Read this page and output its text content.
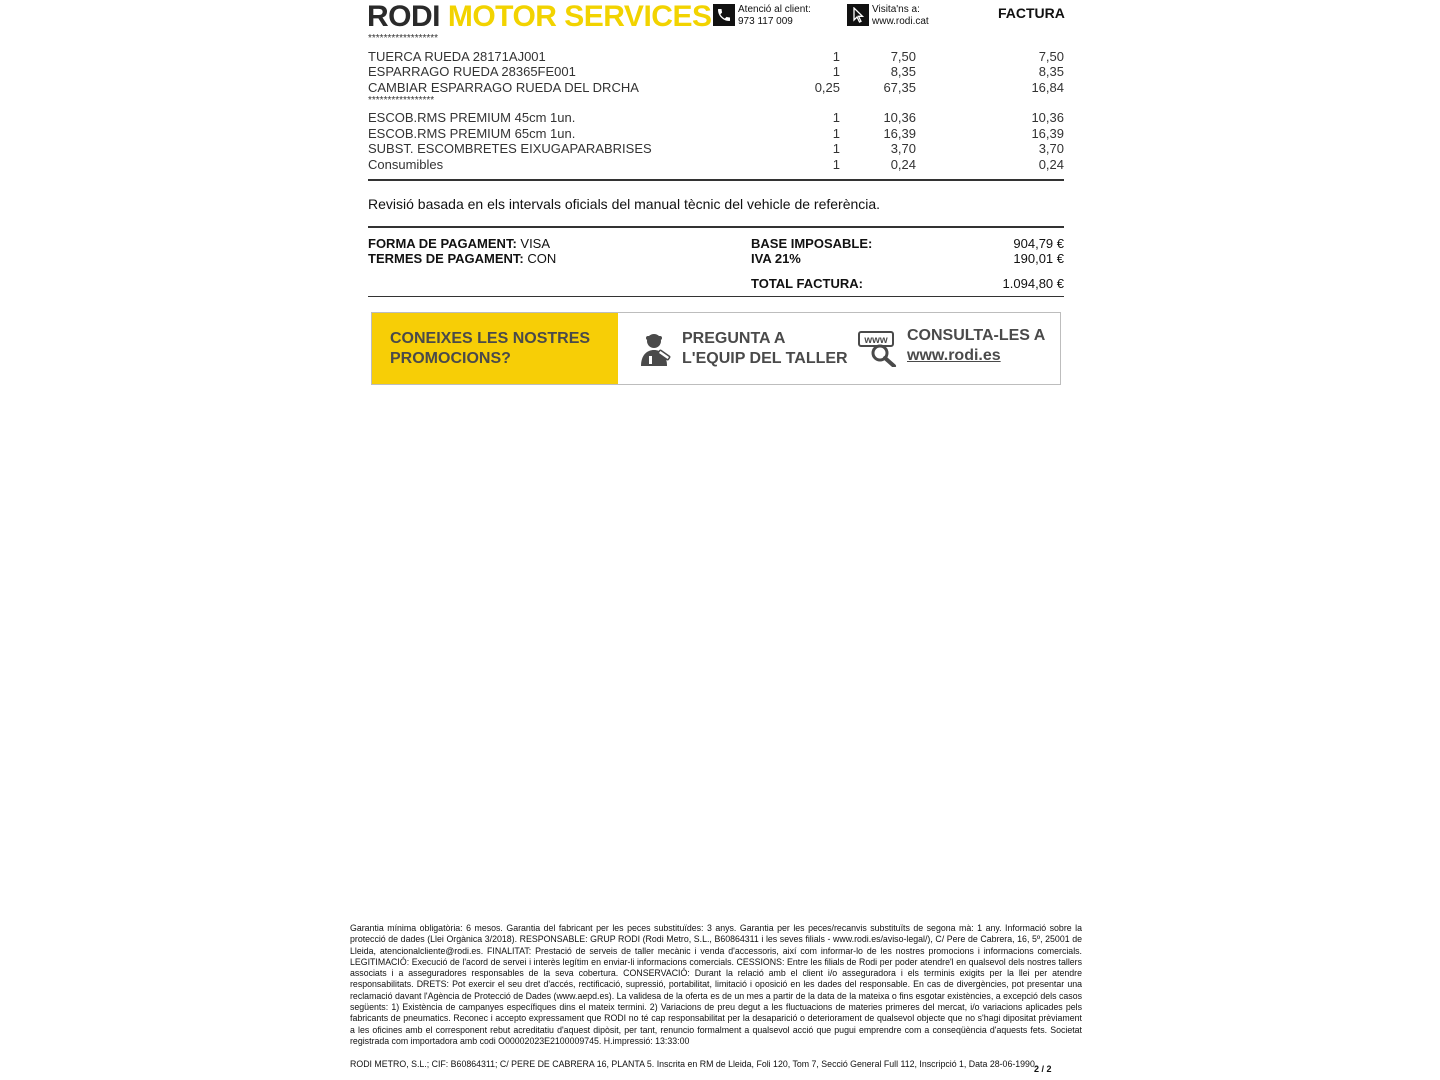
RODI MOTOR SERVICES	Atenció al client:
973 117 009
Visita'ns a:
www.rodi.cat
FACTURA
******************
TUERCA RUEDA 28171AJ001	1	7,50	7,50
ESPARRAGO RUEDA 28365FE001	1	8,35	8,35
CAMBIAR ESPARRAGO RUEDA DEL DRCHA	0,25	67,35	16,84
*****************
ESCOB.RMS PREMIUM 45cm 1un.	1	10,36	10,36
ESCOB.RMS PREMIUM 65cm 1un.	1	16,39	16,39
SUBST. ESCOMBRETES EIXUGAPARABRISES	1	3,70	3,70
Consumibles	1	0,24	0,24
Revisió basada en els intervals oficials del manual tècnic del vehicle de referència.
FORMA DE PAGAMENT: VISA
TERMES DE PAGAMENT: CON
BASE IMPOSABLE:	904,79 €
IVA 21%	190,01 €
TOTAL FACTURA:	1.094,80 €
CONEIXES LES NOSTRES
PROMOCIONS?
PREGUNTA A
L'EQUIP DEL TALLER
www CONSULTA-LES A
www.rodi.es
Garantia mínima obligatòria: 6 mesos. Garantia del fabricant per les peces substituïdes: 3 anys. Garantia per les peces/recanvis substituïts de segona mà: 1 any. Informació sobre la protecció de dades (Llei Orgànica 3/2018). RESPONSABLE: GRUP RODI (Rodi Metro, S.L., B60864311 i les seves filials - www.rodi.es/aviso-legal/), C/ Pere de Cabrera, 16, 5º, 25001 de Lleida, atencionalcliente@rodi.es. FINALITAT: Prestació de serveis de taller mecànic i venda d'accessoris, així com informar-lo de les nostres promocions i informacions comercials. LEGITIMACIÓ: Execució de l'acord de servei i interès legítim en enviar-li informacions comercials. CESSIONS: Entre les filials de Rodi per poder atendre'l en qualsevol dels nostres tallers associats i a asseguradores responsables de la seva cobertura. CONSERVACIÓ: Durant la relació amb el client i/o asseguradora i els terminis exigits per la llei per atendre responsabilitats. DRETS: Pot exercir el seu dret d'accés, rectificació, supressió, portabilitat, limitació i oposició en les dades del responsable. En cas de divergències, pot presentar una reclamació davant l'Agència de Protecció de Dades (www.aepd.es). La validesa de la oferta es de un mes a partir de la data de la mateixa o fins esgotar existències, a excepció dels casos següents: 1) Existència de campanyes específiques dins el mateix termini. 2) Variacions de preu degut a les fluctuacions de materies primeres del mercat, i/o variacions aplicades pels fabricants de pneumatics. Reconec i accepto expressament que RODI no té cap responsabilitat per la desaparició o deteriorament de qualsevol objecte que no s'hagi dipositat prèviament a les oficines amb el corresponent rebut acreditatiu d'aquest dipòsit, per tant, renuncio formalment a qualsevol acció que pugui emprendre com a conseqüència d'aquests fets. Societat registrada com importadora amb codi O00002023E2100009745. H.impressió: 13:33:00
RODI METRO, S.L.; CIF: B60864311; C/ PERE DE CABRERA 16, PLANTA 5. Inscrita en RM de Lleida, Foli 120, Tom 7, Secció General Full 112, Inscripció 1, Data 28-06-1990.
2 / 2
